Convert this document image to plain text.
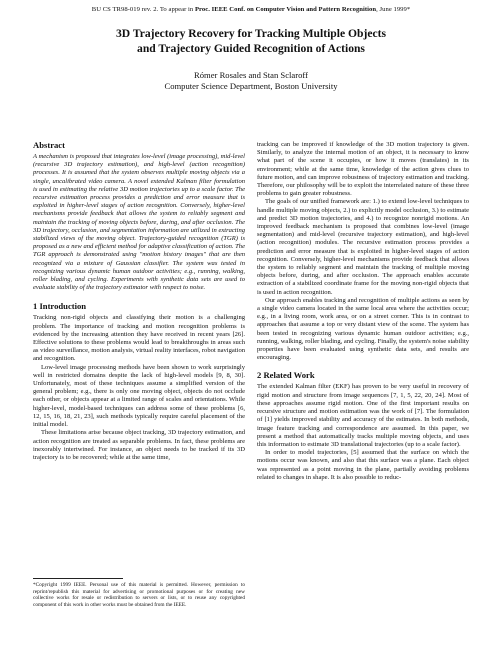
BU CS TR98-019 rev. 2. To appear in Proc. IEEE Conf. on Computer Vision and Pattern Recognition, June 1999*
3D Trajectory Recovery for Tracking Multiple Objects
and Trajectory Guided Recognition of Actions
Rómer Rosales and Stan Sclaroff
Computer Science Department, Boston University
Abstract
A mechanism is proposed that integrates low-level (image processing), mid-level (recursive 3D trajectory estimation), and high-level (action recognition) processes. It is assumed that the system observes multiple moving objects via a single, uncalibrated video camera. A novel extended Kalman filter formulation is used in estimating the relative 3D motion trajectories up to a scale factor. The recursive estimation process provides a prediction and error measure that is exploited in higher-level stages of action recognition. Conversely, higher-level mechanisms provide feedback that allows the system to reliably segment and maintain the tracking of moving objects before, during, and after occlusion. The 3D trajectory, occlusion, and segmentation information are utilized in extracting stabilized views of the moving object. Trajectory-guided recognition (TGR) is proposed as a new and efficient method for adaptive classification of action. The TGR approach is demonstrated using "motion history images" that are then recognized via a mixture of Gaussian classifier. The system was tested in recognizing various dynamic human outdoor activities; e.g., running, walking, roller blading, and cycling. Experiments with synthetic data sets are used to evaluate stability of the trajectory estimator with respect to noise.
1 Introduction

Tracking non-rigid objects and classifying their motion is a challenging problem. The importance of tracking and motion recognition problems is evidenced by the increasing attention they have received in recent years [26]. Effective solutions to these problems would lead to breakthroughs in areas such as video surveillance, motion analysis, virtual reality interfaces, robot navigation and recognition.

Low-level image processing methods have been shown to work surprisingly well in restricted domains despite the lack of high-level models [9, 8, 30]. Unfortunately, most of these techniques assume a simplified version of the general problem; e.g., there is only one moving object, objects do not occlude each other, or objects appear at a limited range of scales and orientations. While higher-level, model-based techniques can address some of these problems [6, 12, 15, 16, 18, 21, 23], such methods typically require careful placement of the initial model.

These limitations arise because object tracking, 3D trajectory estimation, and action recognition are treated as separable problems. In fact, these problems are inexorably intertwined. For instance, an object needs to be tracked if its 3D trajectory is to be recovered; while at the same time,

*Copyright 1999 IEEE. Personal use of this material is permitted. However, permission to reprint/republish this material for advertising or promotional purposes or for creating new collective works for resale or redistribution to servers or lists, or to reuse any copyrighted component of this work in other works must be obtained from the IEEE.

tracking can be improved if knowledge of the 3D motion trajectory is given. Similarly, to analyze the internal motion of an object, it is necessary to know what part of the scene it occupies, or how it moves (translates) in its environment; while at the same time, knowledge of the action gives clues to future motion, and can improve robustness of trajectory estimation and tracking. Therefore, our philosophy will be to exploit the interrelated nature of these three problems to gain greater robustness.

The goals of our unified framework are: 1.) to extend low-level techniques to handle multiple moving objects, 2.) to explicitly model occlusion, 3.) to estimate and predict 3D motion trajectories, and 4.) to recognize nonrigid motions. An improved feedback mechanism is proposed that combines low-level (image segmentation) and mid-level (recursive trajectory estimation), and high-level (action recognition) modules. The recursive estimation process provides a prediction and error measure that is exploited in higher-level stages of action recognition. Conversely, higher-level mechanisms provide feedback that allows the system to reliably segment and maintain the tracking of multiple moving objects before, during, and after occlusion. The approach enables accurate extraction of a stabilized coordinate frame for the moving non-rigid objects that is used in action recognition.

Our approach enables tracking and recognition of multiple actions as seen by a single video camera located in the same local area where the activities occur; e.g., in a living room, work area, or on a street corner. This is in contrast to approaches that assume a top or very distant view of the scene. The system has been tested in recognizing various dynamic human outdoor activities; e.g., running, walking, roller blading, and cycling. Finally, the system's noise stability properties have been evaluated using synthetic data sets, and results are encouraging.

2 Related Work

The extended Kalman filter (EKF) has proven to be very useful in recovery of rigid motion and structure from image sequences [7, 1, 5, 22, 20, 24]. Most of these approaches assume rigid motion. One of the first important results on recursive structure and motion estimation was the work of [7]. The formulation of [1] yields improved stability and accuracy of the estimates. In both methods, image feature tracking and correspondence are assumed. In this paper, we present a method that automatically tracks multiple moving objects, and uses this information to estimate 3D translational trajectories (up to a scale factor).

In order to model trajectories, [5] assumed that the surface on which the motions occur was known, and also that this surface was a plane. Each object was represented as a point moving in the plane, partially avoiding problems related to changes in shape. It is also possible to reduc-
